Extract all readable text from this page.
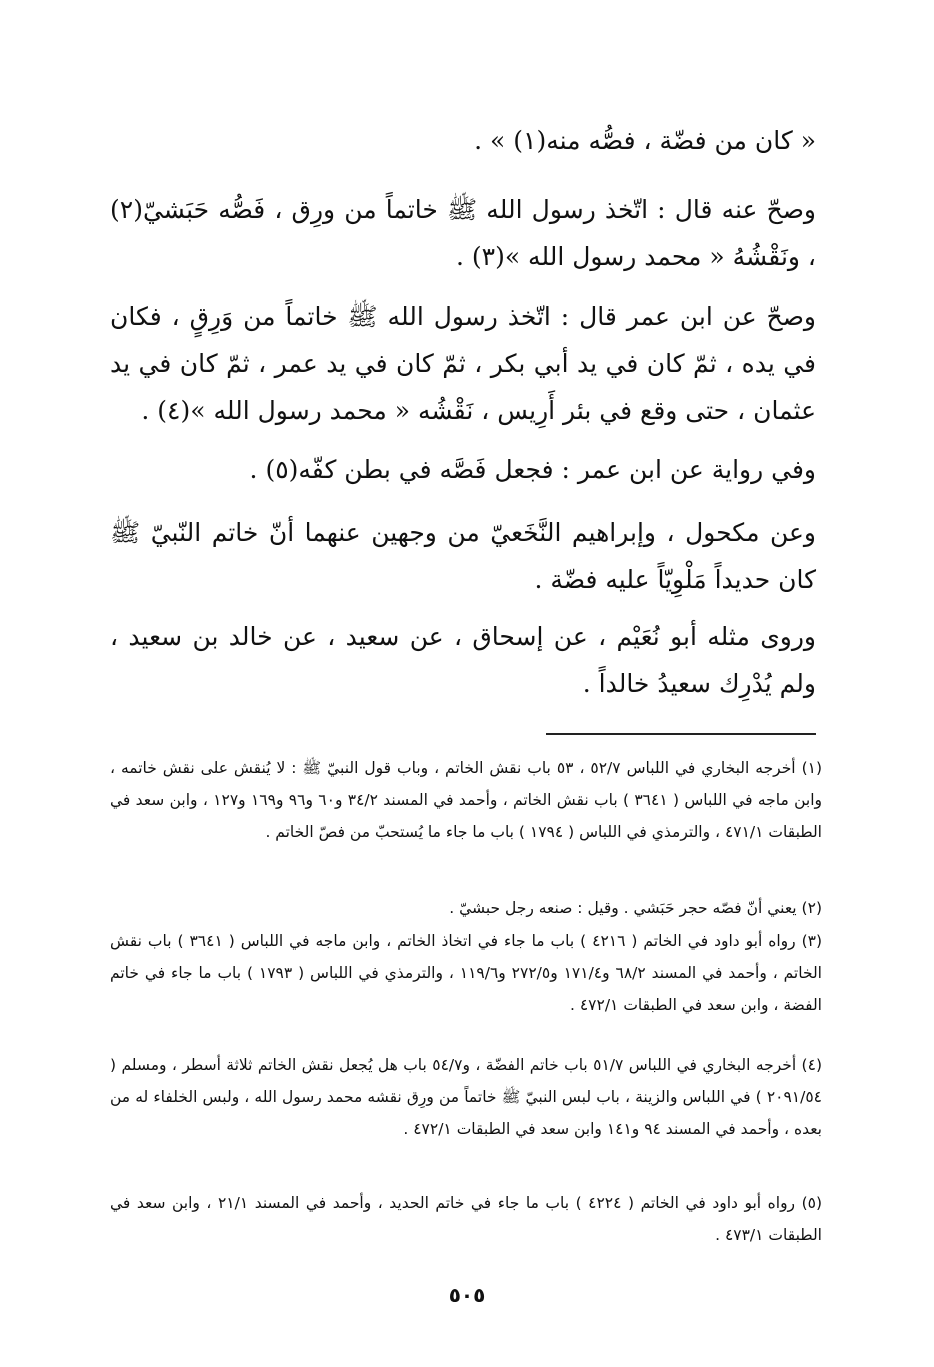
« كان من فضّة ، فصُّه منه(١) » .

وصحّ عنه قال : اتّخذ رسول الله ﷺ خاتماً من ورِق ، فَصُّه حَبَشيّ(٢) ، ونَقْشُهُ « محمد رسول الله »(٣) .

وصحّ عن ابن عمر قال : اتّخذ رسول الله ﷺ خاتماً من وَرِقٍ ، فكان في يده ، ثمّ كان في يد أبي بكر ، ثمّ كان في يد عمر ، ثمّ كان في يد عثمان ، حتى وقع في بئر أَرِيس ، نَقْشُه « محمد رسول الله »(٤) .

وفي رواية عن ابن عمر : فجعل فَصَّه في بطن كفّه(٥) .

وعن مكحول ، وإبراهيم النَّخَعيّ من وجهين عنهما أنّ خاتم النّبيّ ﷺ كان حديداً مَلْوِيّاً عليه فضّة .

وروى مثله أبو نُعَيْم ، عن إسحاق ، عن سعيد ، عن خالد بن سعيد ، ولم يُدْرِك سعيدُ خالداً .

(١) أخرجه البخاري في اللباس ٥٢/٧ ، ٥٣ باب نقش الخاتم ، وباب قول النبيّ ﷺ : لا يُنقش على نقش خاتمه ، وابن ماجه في اللباس ( ٣٦٤١ ) باب نقش الخاتم ، وأحمد في المسند ٣٤/٢ و٦٠ و٩٦ و١٦٩ و١٢٧ ، وابن سعد في الطبقات ٤٧١/١ ، والترمذي في اللباس ( ١٧٩٤ ) باب ما جاء ما يُستحبّ من فصّ الخاتم .

(٢) يعني أنّ فصّه حجر حَبَشي . وقيل : صنعه رجل حبشيّ .

(٣) رواه أبو داود في الخاتم ( ٤٢١٦ ) باب ما جاء في اتخاذ الخاتم ، وابن ماجه في اللباس ( ٣٦٤١ ) باب نقش الخاتم ، وأحمد في المسند ٦٨/٢ و١٧١/٤ و٢٧٢/٥ و١١٩/٦ ، والترمذي في اللباس ( ١٧٩٣ ) باب ما جاء في خاتم الفضة ، وابن سعد في الطبقات ٤٧٢/١ .

(٤) أخرجه البخاري في اللباس ٥١/٧ باب خاتم الفضّة ، و٥٤/٧ باب هل يُجعل نقش الخاتم ثلاثة أسطر ، ومسلم ( ٢٠٩١/٥٤ ) في اللباس والزينة ، باب لبس النبيّ ﷺ خاتماً من ورِق نقشه محمد رسول الله ، ولبس الخلفاء له من بعده ، وأحمد في المسند ٩٤ و١٤١ وابن سعد في الطبقات ٤٧٢/١ .

(٥) رواه أبو داود في الخاتم ( ٤٢٢٤ ) باب ما جاء في خاتم الحديد ، وأحمد في المسند ٢١/١ ، وابن سعد في الطبقات ٤٧٣/١ .

٥٠٥
